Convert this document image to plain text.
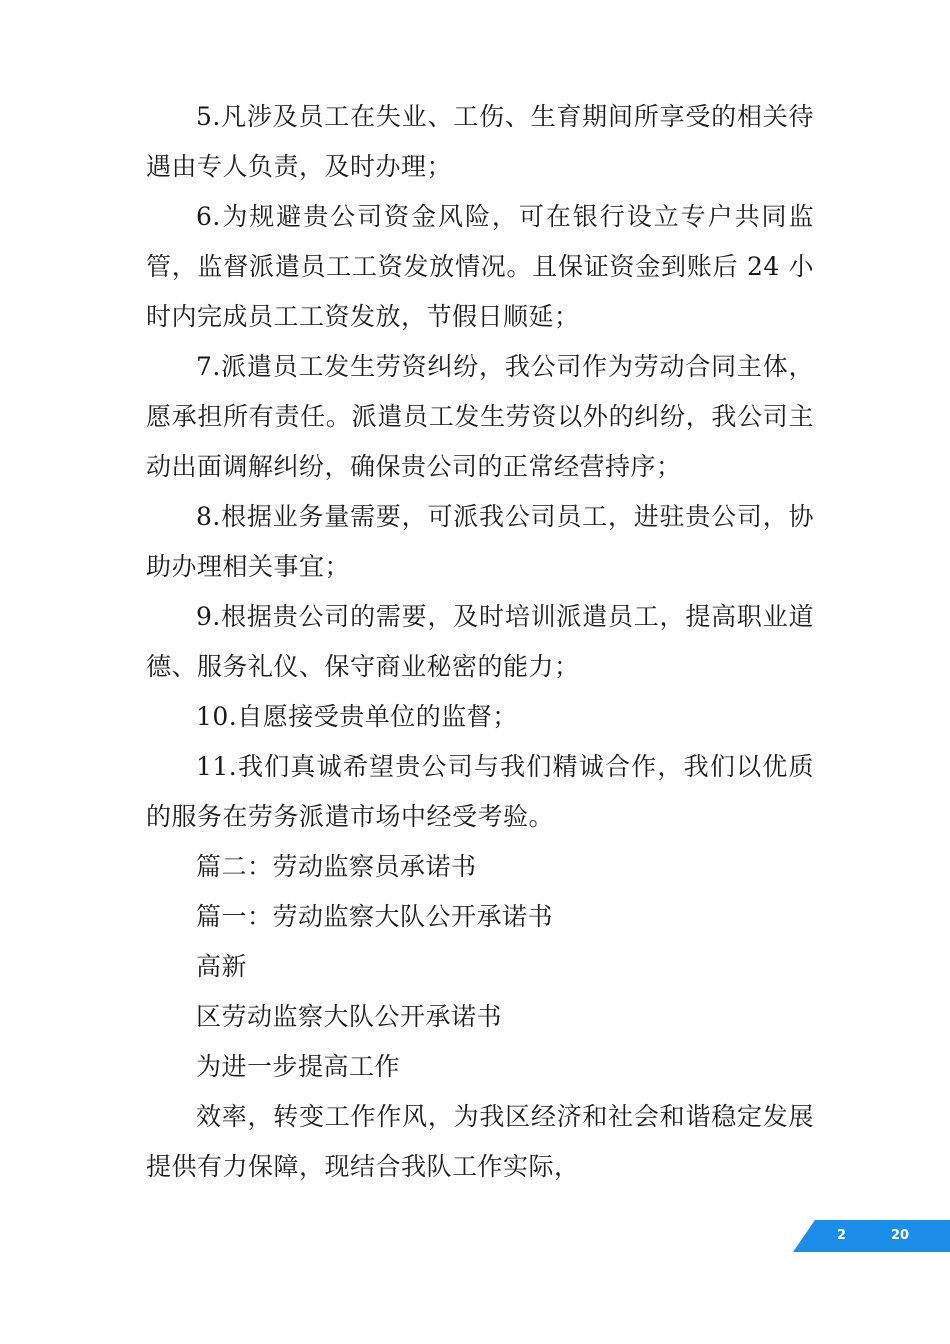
5.凡涉及员工在失业、工伤、生育期间所享受的相关待遇由专人负责，及时办理；

6.为规避贵公司资金风险，可在银行设立专户共同监管，监督派遣员工工资发放情况。且保证资金到账后 24 小时内完成员工工资发放，节假日顺延；

7.派遣员工发生劳资纠纷，我公司作为劳动合同主体，愿承担所有责任。派遣员工发生劳资以外的纠纷，我公司主动出面调解纠纷，确保贵公司的正常经营持序；

8.根据业务量需要，可派我公司员工，进驻贵公司，协助办理相关事宜；

9.根据贵公司的需要，及时培训派遣员工，提高职业道德、服务礼仪、保守商业秘密的能力；

10.自愿接受贵单位的监督；

11.我们真诚希望贵公司与我们精诚合作，我们以优质的服务在劳务派遣市场中经受考验。

篇二：劳动监察员承诺书

篇一：劳动监察大队公开承诺书

高新

区劳动监察大队公开承诺书

为进一步提高工作

效率，转变工作作风，为我区经济和社会和谐稳定发展提供有力保障，现结合我队工作实际，

2	20
